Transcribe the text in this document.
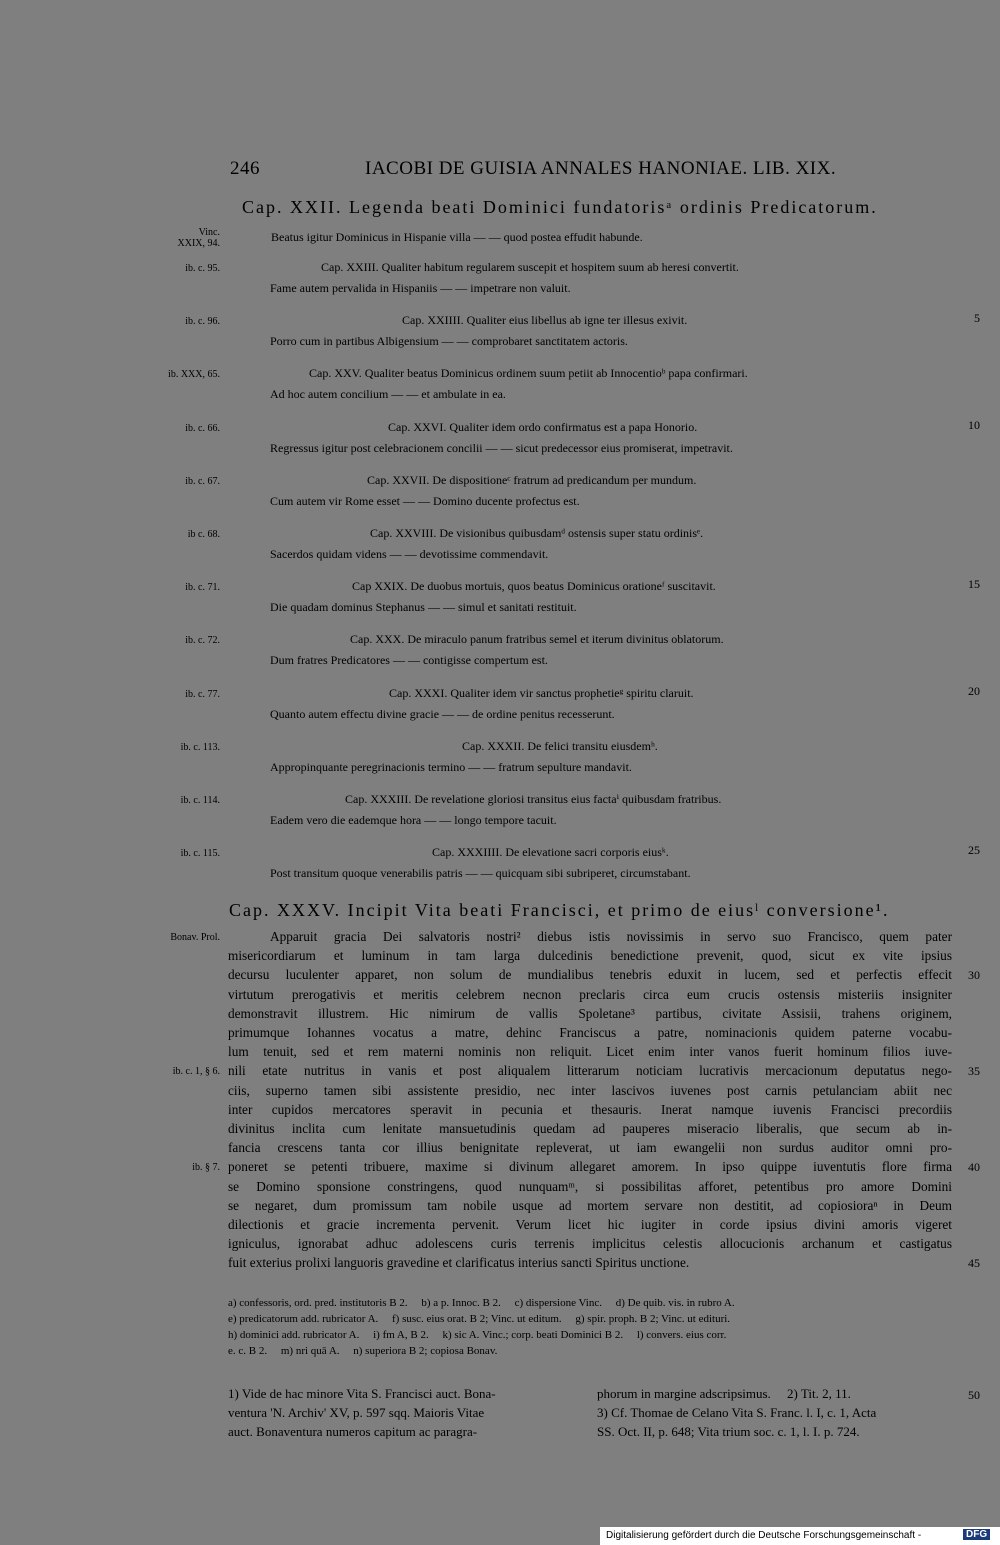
246	IACOBI DE GUISIA ANNALES HANONIAE. LIB. XIX.
Cap. XXII. Legenda beati Dominici fundatorisᵃ ordinis Predicatorum.
Vinc.
XXIX, 94.	Beatus igitur Dominicus in Hispanie villa — — quod postea effudit habunde.
ib. c. 95.	Cap. XXIII. Qualiter habitum regularem suscepit et hospitem suum ab heresi convertit.
Fame autem pervalida in Hispaniis — — impetrare non valuit.
ib. c. 96.	Cap. XXIIII. Qualiter eius libellus ab igne ter illesus exivit.
Porro cum in partibus Albigensium — — comprobaret sanctitatem actoris.
5
ib. XXX, 65.	Cap. XXV. Qualiter beatus Dominicus ordinem suum petiit ab Innocentioᵇ papa confirmari.
Ad hoc autem concilium — — et ambulate in ea.
ib. c. 66.	Cap. XXVI. Qualiter idem ordo confirmatus est a papa Honorio.
Regressus igitur post celebracionem concilii — — sicut predecessor eius promiserat, impetravit.
10
ib. c. 67.	Cap. XXVII. De dispositioneᶜ fratrum ad predicandum per mundum.
Cum autem vir Rome esset — — Domino ducente profectus est.
ib c. 68.	Cap. XXVIII. De visionibus quibusdamᵈ ostensis super statu ordinisᵉ.
Sacerdos quidam videns — — devotissime commendavit.
ib. c. 71.	Cap XXIX. De duobus mortuis, quos beatus Dominicus orationeᶠ suscitavit.
Die quadam dominus Stephanus — — simul et sanitati restituit.
15
ib. c. 72.	Cap. XXX. De miraculo panum fratribus semel et iterum divinitus oblatorum.
Dum fratres Predicatores — — contigisse compertum est.
ib. c. 77.	Cap. XXXI. Qualiter idem vir sanctus prophetieᵍ spiritu claruit.
Quanto autem effectu divine gracie — — de ordine penitus recesserunt.
20
ib. c. 113.	Cap. XXXII. De felici transitu eiusdemʰ.
Appropinquante peregrinacionis termino — — fratrum sepulture mandavit.
ib. c. 114.	Cap. XXXIII. De revelatione gloriosi transitus eius factaⁱ quibusdam fratribus.
Eadem vero die eademque hora — — longo tempore tacuit.
ib. c. 115.	Cap. XXXIIII. De elevatione sacri corporis eiusᵏ.
Post transitum quoque venerabilis patris — — quicquam sibi subriperet, circumstabant.
25
Cap. XXXV. Incipit Vita beati Francisci, et primo de eiusˡ conversione¹.
Apparuit gracia Dei salvatoris nostri² diebus istis novissimis in servo suo Francisco, quem pater
Bonav. Prol.
misericordiarum et luminum in tam larga dulcedinis benedictione prevenit, quod, sicut ex vite ipsius
decursu luculenter apparet, non solum de mundialibus tenebris eduxit in lucem, sed et perfectis effecit	30
virtutum prerogativis et meritis celebrem necnon preclaris circa eum crucis ostensis misteriis insigniter
demonstravit illustrem. Hic nimirum de vallis Spoletane³ partibus, civitate Assisii, trahens originem,
primumque Iohannes vocatus a matre, dehinc Franciscus a patre, nominacionis quidem paterne vocabu-
lum tenuit, sed et rem materni nominis non reliquit. Licet enim inter vanos fuerit hominum filios iuve-
nili etate nutritus in vanis et post aliqualem litterarum noticiam lucrativis mercacionum deputatus nego-
ib. c. 1, § 6.	35
ciis, superno tamen sibi assistente presidio, nec inter lascivos iuvenes post carnis petulanciam abiit nec
inter cupidos mercatores speravit in pecunia et thesauris. Inerat namque iuvenis Francisci precordiis
divinitus inclita cum lenitate mansuetudinis quedam ad pauperes miseracio liberalis, que secum ab in-
fancia crescens tanta cor illius benignitate repleverat, ut iam ewangelii non surdus auditor omni pro-
poneret se petenti tribuere, maxime si divinum allegaret amorem. In ipso quippe iuventutis flore firma
ib. § 7.	40
se Domino sponsione constringens, quod nunquamᵐ, si possibilitas afforet, petentibus pro amore Domini
se negaret, dum promissum tam nobile usque ad mortem servare non destitit, ad copiosioraⁿ in Deum
dilectionis et gracie incrementa pervenit. Verum licet hic iugiter in corde ipsius divini amoris vigeret
igniculus, ignorabat adhuc adolescens curis terrenis implicitus celestis allocucionis archanum et castigatus
fuit exterius prolixi languoris gravedine et clarificatus interius sancti Spiritus unctione.	45
a) confessoris, ord. pred. institutoris B 2.     b) a p. Innoc. B 2.     c) dispersione Vinc.     d) De quib. vis. in rubro A.
e) predicatorum add. rubricator A.     f) susc. eius orat. B 2; Vinc. ut editum.     g) spir. proph. B 2; Vinc. ut edituri.
h) dominici add. rubricator A.     i) fm A, B 2.     k) sic A. Vinc.; corp. beati Dominici B 2.     l) convers. eius corr.
e. c. B 2.     m) nri quā A.     n) superiora B 2; copiosa Bonav.
1) Vide de hac minore Vita S. Francisci auct. Bona-
ventura 'N. Archiv' XV, p. 597 sqq. Maioris Vitae
auct. Bonaventura numeros capitum ac paragra-
phorum in margine adscripsimus.     2) Tit. 2, 11.
3) Cf. Thomae de Celano Vita S. Franc. l. I, c. 1, Acta
SS. Oct. II, p. 648; Vita trium soc. c. 1, l. I. p. 724.
50
Digitalisierung gefördert durch die Deutsche Forschungsgemeinschaft -	DFG
